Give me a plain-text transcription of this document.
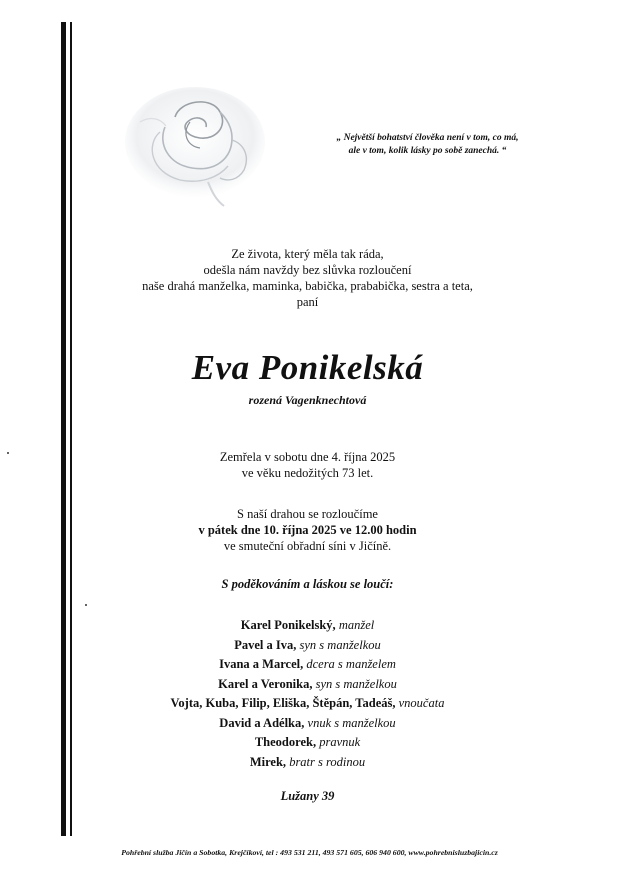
„ Největší bohatství člověka není v tom, co má,
ale v tom, kolik lásky po sobě zanechá. “
Ze života, který měla tak ráda,
odešla nám navždy bez slůvka rozloučení
naše drahá manželka, maminka, babička, prababička, sestra a teta,
paní
Eva Ponikelská
rozená Vagenknechtová
Zemřela v sobotu dne 4. října 2025
ve věku nedožitých 73 let.
S naší drahou se rozloučíme
v pátek dne 10. října 2025 ve 12.00 hodin
ve smuteční obřadní síni v Jičíně.
S poděkováním a láskou se loučí:
Karel Ponikelský, manžel
Pavel a Iva, syn s manželkou
Ivana a Marcel, dcera s manželem
Karel a Veronika, syn s manželkou
Vojta, Kuba, Filip, Eliška, Štěpán, Tadeáš, vnoučata
David a Adélka, vnuk s manželkou
Theodorek, pravnuk
Mirek, bratr s rodinou
Lužany 39
Pohřební služba Jičín a Sobotka, Krejčíkoví, tel : 493 531 211, 493 571 605, 606 940 600, www.pohrebnisluzbajicin.cz
